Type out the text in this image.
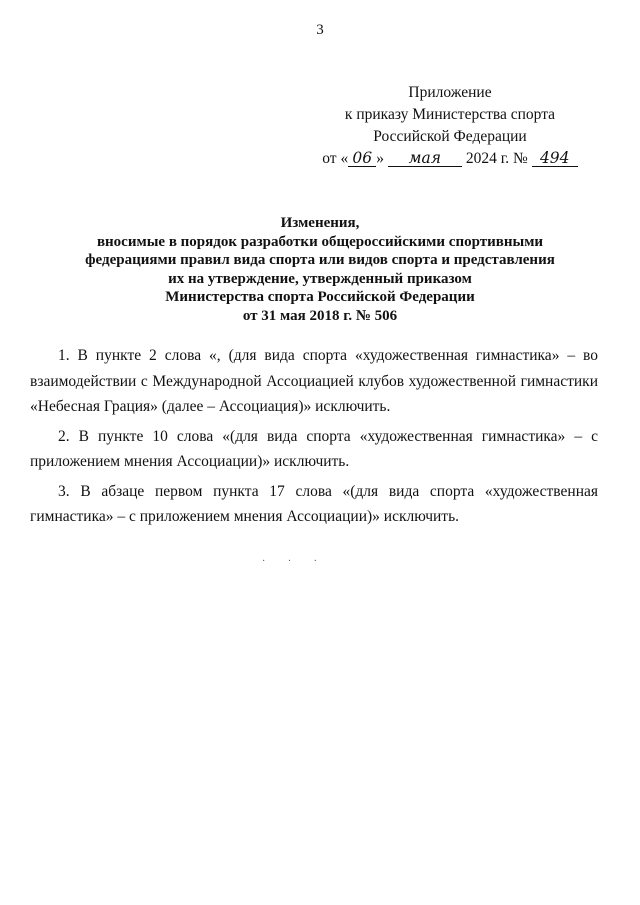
3
Приложение
к приказу Министерства спорта
Российской Федерации
от « 06 » мая 2024 г. № 494
Изменения,
вносимые в порядок разработки общероссийскими спортивными
федерациями правил вида спорта или видов спорта и представления
их на утверждение, утвержденный приказом
Министерства спорта Российской Федерации
от 31 мая 2018 г. № 506

1. В пункте 2 слова «, (для вида спорта «художественная гимнастика» – во взаимодействии с Международной Ассоциацией клубов художественной гимнастики «Небесная Грация» (далее – Ассоциация)» исключить.

2. В пункте 10 слова «(для вида спорта «художественная гимнастика» – с приложением мнения Ассоциации)» исключить.

3. В абзаце первом пункта 17 слова «(для вида спорта «художественная гимнастика» – с приложением мнения Ассоциации)» исключить.

· · ·
